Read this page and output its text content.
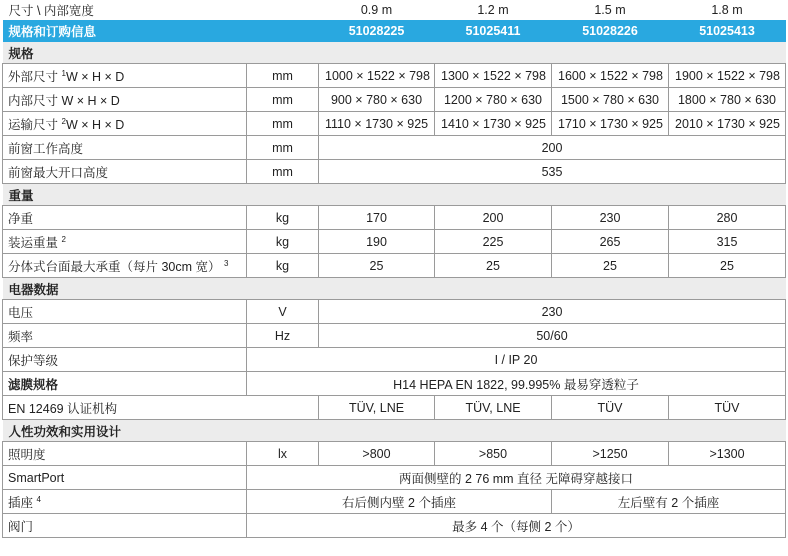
尺寸 \ 内部宽度		0.9 m	1.2 m	1.5 m	1.8 m
规格和订购信息		51028225	51025411	51028226	51025413
规格					
外部尺寸 $^1$W × H × D	mm	1000 × 1522 × 798	1300 × 1522 × 798	1600 × 1522 × 798	1900 × 1522 × 798
内部尺寸 W × H × D	mm	900 × 780 × 630	1200 × 780 × 630	1500 × 780 × 630	1800 × 780 × 630
运输尺寸 $^2$W × H × D	mm	1110 × 1730 × 925	1410 × 1730 × 925	1710 × 1730 × 925	2010 × 1730 × 925
前窗工作高度	mm	200			
前窗最大开口高度	mm	535			
重量					
净重	kg	170	200	230	280
装运重量 $^2$	kg	190	225	265	315
分体式台面最大承重（每片 30cm 宽） $^3$	kg	25	25	25	25
电器数据					
电压	V	230			
频率	Hz	50/60			
保护等级	I / IP 20				
滤膜规格	H14 HEPA EN 1822, 99.995% 最易穿透粒子				
EN 12469 认证机构		TÜV, LNE	TÜV, LNE	TÜV	TÜV
人性功效和实用设计					
照明度	lx	>800	>850	>1250	>1300
SmartPort	两面侧壁的 2 76 mm 直径 无障碍穿越接口				
插座 $^4$	右后侧内壁 2 个插座			左后壁有 2 个插座	
阀门	最多 4 个（每侧 2 个）				
